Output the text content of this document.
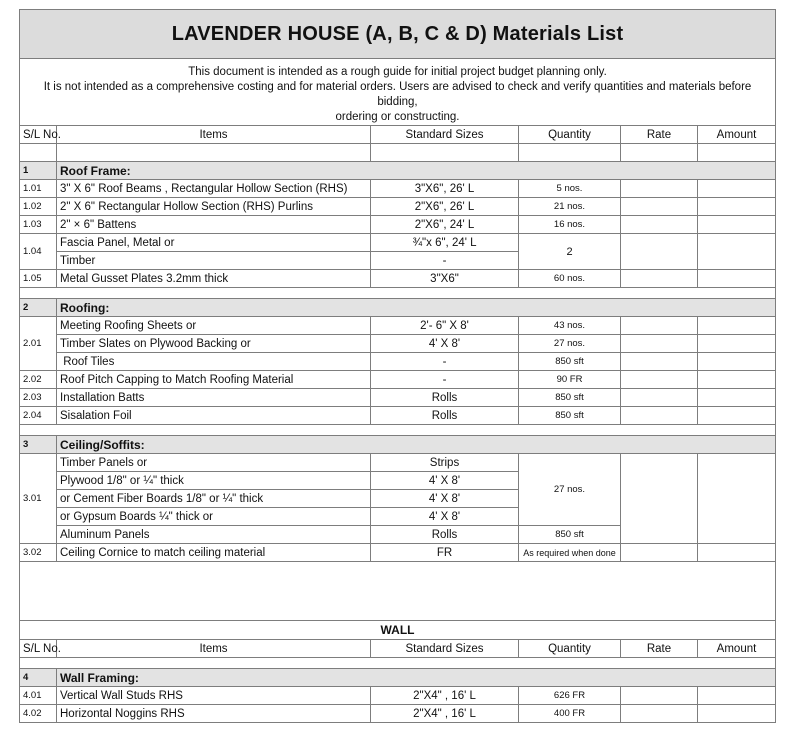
LAVENDER HOUSE (A, B, C & D) Materials List					

This document is intended as a rough guide for initial project budget planning only.
It is not intended as a comprehensive costing and for material orders. Users are advised to check and verify quantities and materials before bidding,
ordering or constructing.					

S/L No.	Items	Standard Sizes	Quantity	Rate	Amount

1	Roof Frame:				
1.01	3" X 6" Roof Beams , Rectangular Hollow Section (RHS)	3"X6", 26' L	5 nos.		
1.02	2" X 6" Rectangular Hollow Section (RHS) Purlins	2"X6", 26' L	21 nos.		
1.03	2" × 6" Battens	2"X6", 24' L	16 nos.		
1.04	Fascia Panel, Metal or	¾"x 6", 24' L	2		
	Timber	-			
1.05	Metal Gusset Plates 3.2mm thick	3"X6"	60 nos.		

2	Roofing:				
2.01	Meeting Roofing Sheets or	2'- 6" X 8'	43 nos.		
	Timber Slates on Plywood Backing or	4' X 8'	27 nos.		
	Roof Tiles	-	850 sft		
2.02	Roof Pitch Capping to Match Roofing Material	-	90 FR		
2.03	Installation Batts	Rolls	850 sft		
2.04	Sisalation Foil	Rolls	850 sft		

3	Ceiling/Soffits:				
3.01	Timber Panels or	Strips	27 nos.		
	Plywood 1/8" or ¼" thick	4' X 8'			
	or Cement Fiber Boards 1/8" or ¼" thick	4' X 8'			
	or Gypsum Boards ¼" thick or	4' X 8'			
	Aluminum Panels	Rolls	850 sft		
3.02	Ceiling Cornice to match ceiling material	FR	As required when done		

WALL					
S/L No.	Items	Standard Sizes	Quantity	Rate	Amount

4	Wall Framing:				
4.01	Vertical Wall Studs RHS	2"X4" , 16' L	626 FR		
4.02	Horizontal Noggins RHS	2"X4" , 16' L	400 FR		
